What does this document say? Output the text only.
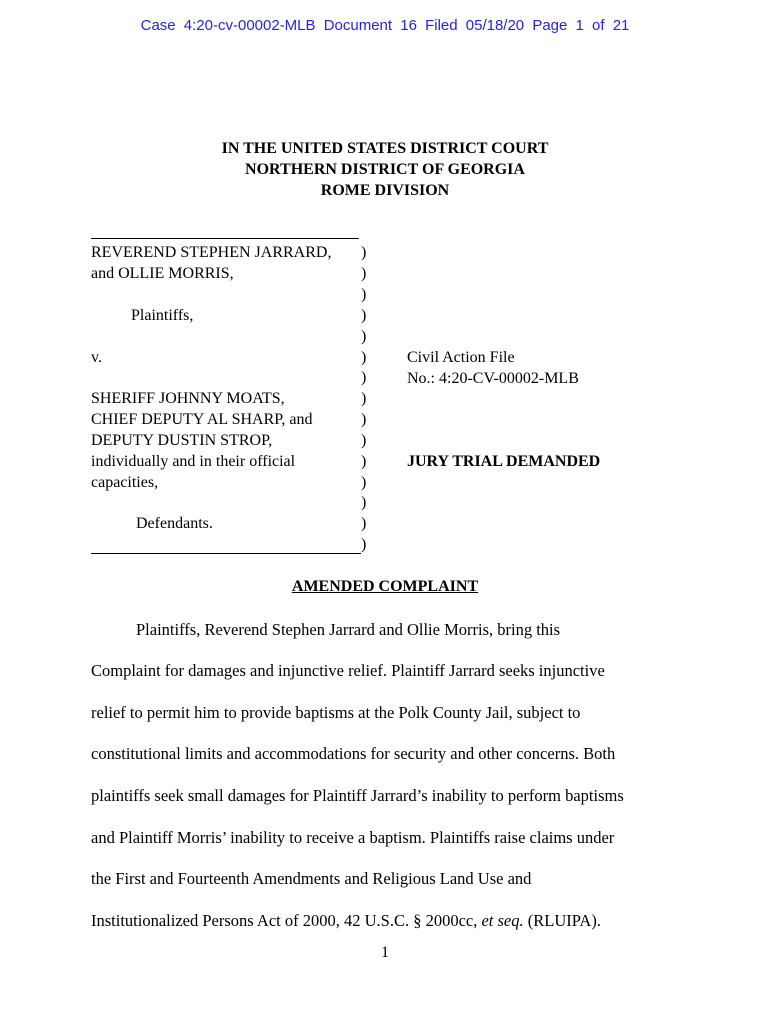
Case 4:20-cv-00002-MLB Document 16 Filed 05/18/20 Page 1 of 21
IN THE UNITED STATES DISTRICT COURT
NORTHERN DISTRICT OF GEORGIA
ROME DIVISION
REVEREND STEPHEN JARRARD,
and OLLIE MORRIS,
Plaintiffs,
v.
SHERIFF JOHNNY MOATS,
CHIEF DEPUTY AL SHARP, and
DEPUTY DUSTIN STROP,
individually and in their official
capacities,
Defendants.
)
)
)
)
)
)
)
)
)
)
)
)
)
)
)
Civil Action File
No.: 4:20-CV-00002-MLB
JURY TRIAL DEMANDED
AMENDED COMPLAINT
Plaintiffs, Reverend Stephen Jarrard and Ollie Morris, bring this
Complaint for damages and injunctive relief. Plaintiff Jarrard seeks injunctive
relief to permit him to provide baptisms at the Polk County Jail, subject to
constitutional limits and accommodations for security and other concerns. Both
plaintiffs seek small damages for Plaintiff Jarrard’s inability to perform baptisms
and Plaintiff Morris’ inability to receive a baptism. Plaintiffs raise claims under
the First and Fourteenth Amendments and Religious Land Use and
Institutionalized Persons Act of 2000, 42 U.S.C. § 2000cc, et seq. (RLUIPA).
1
